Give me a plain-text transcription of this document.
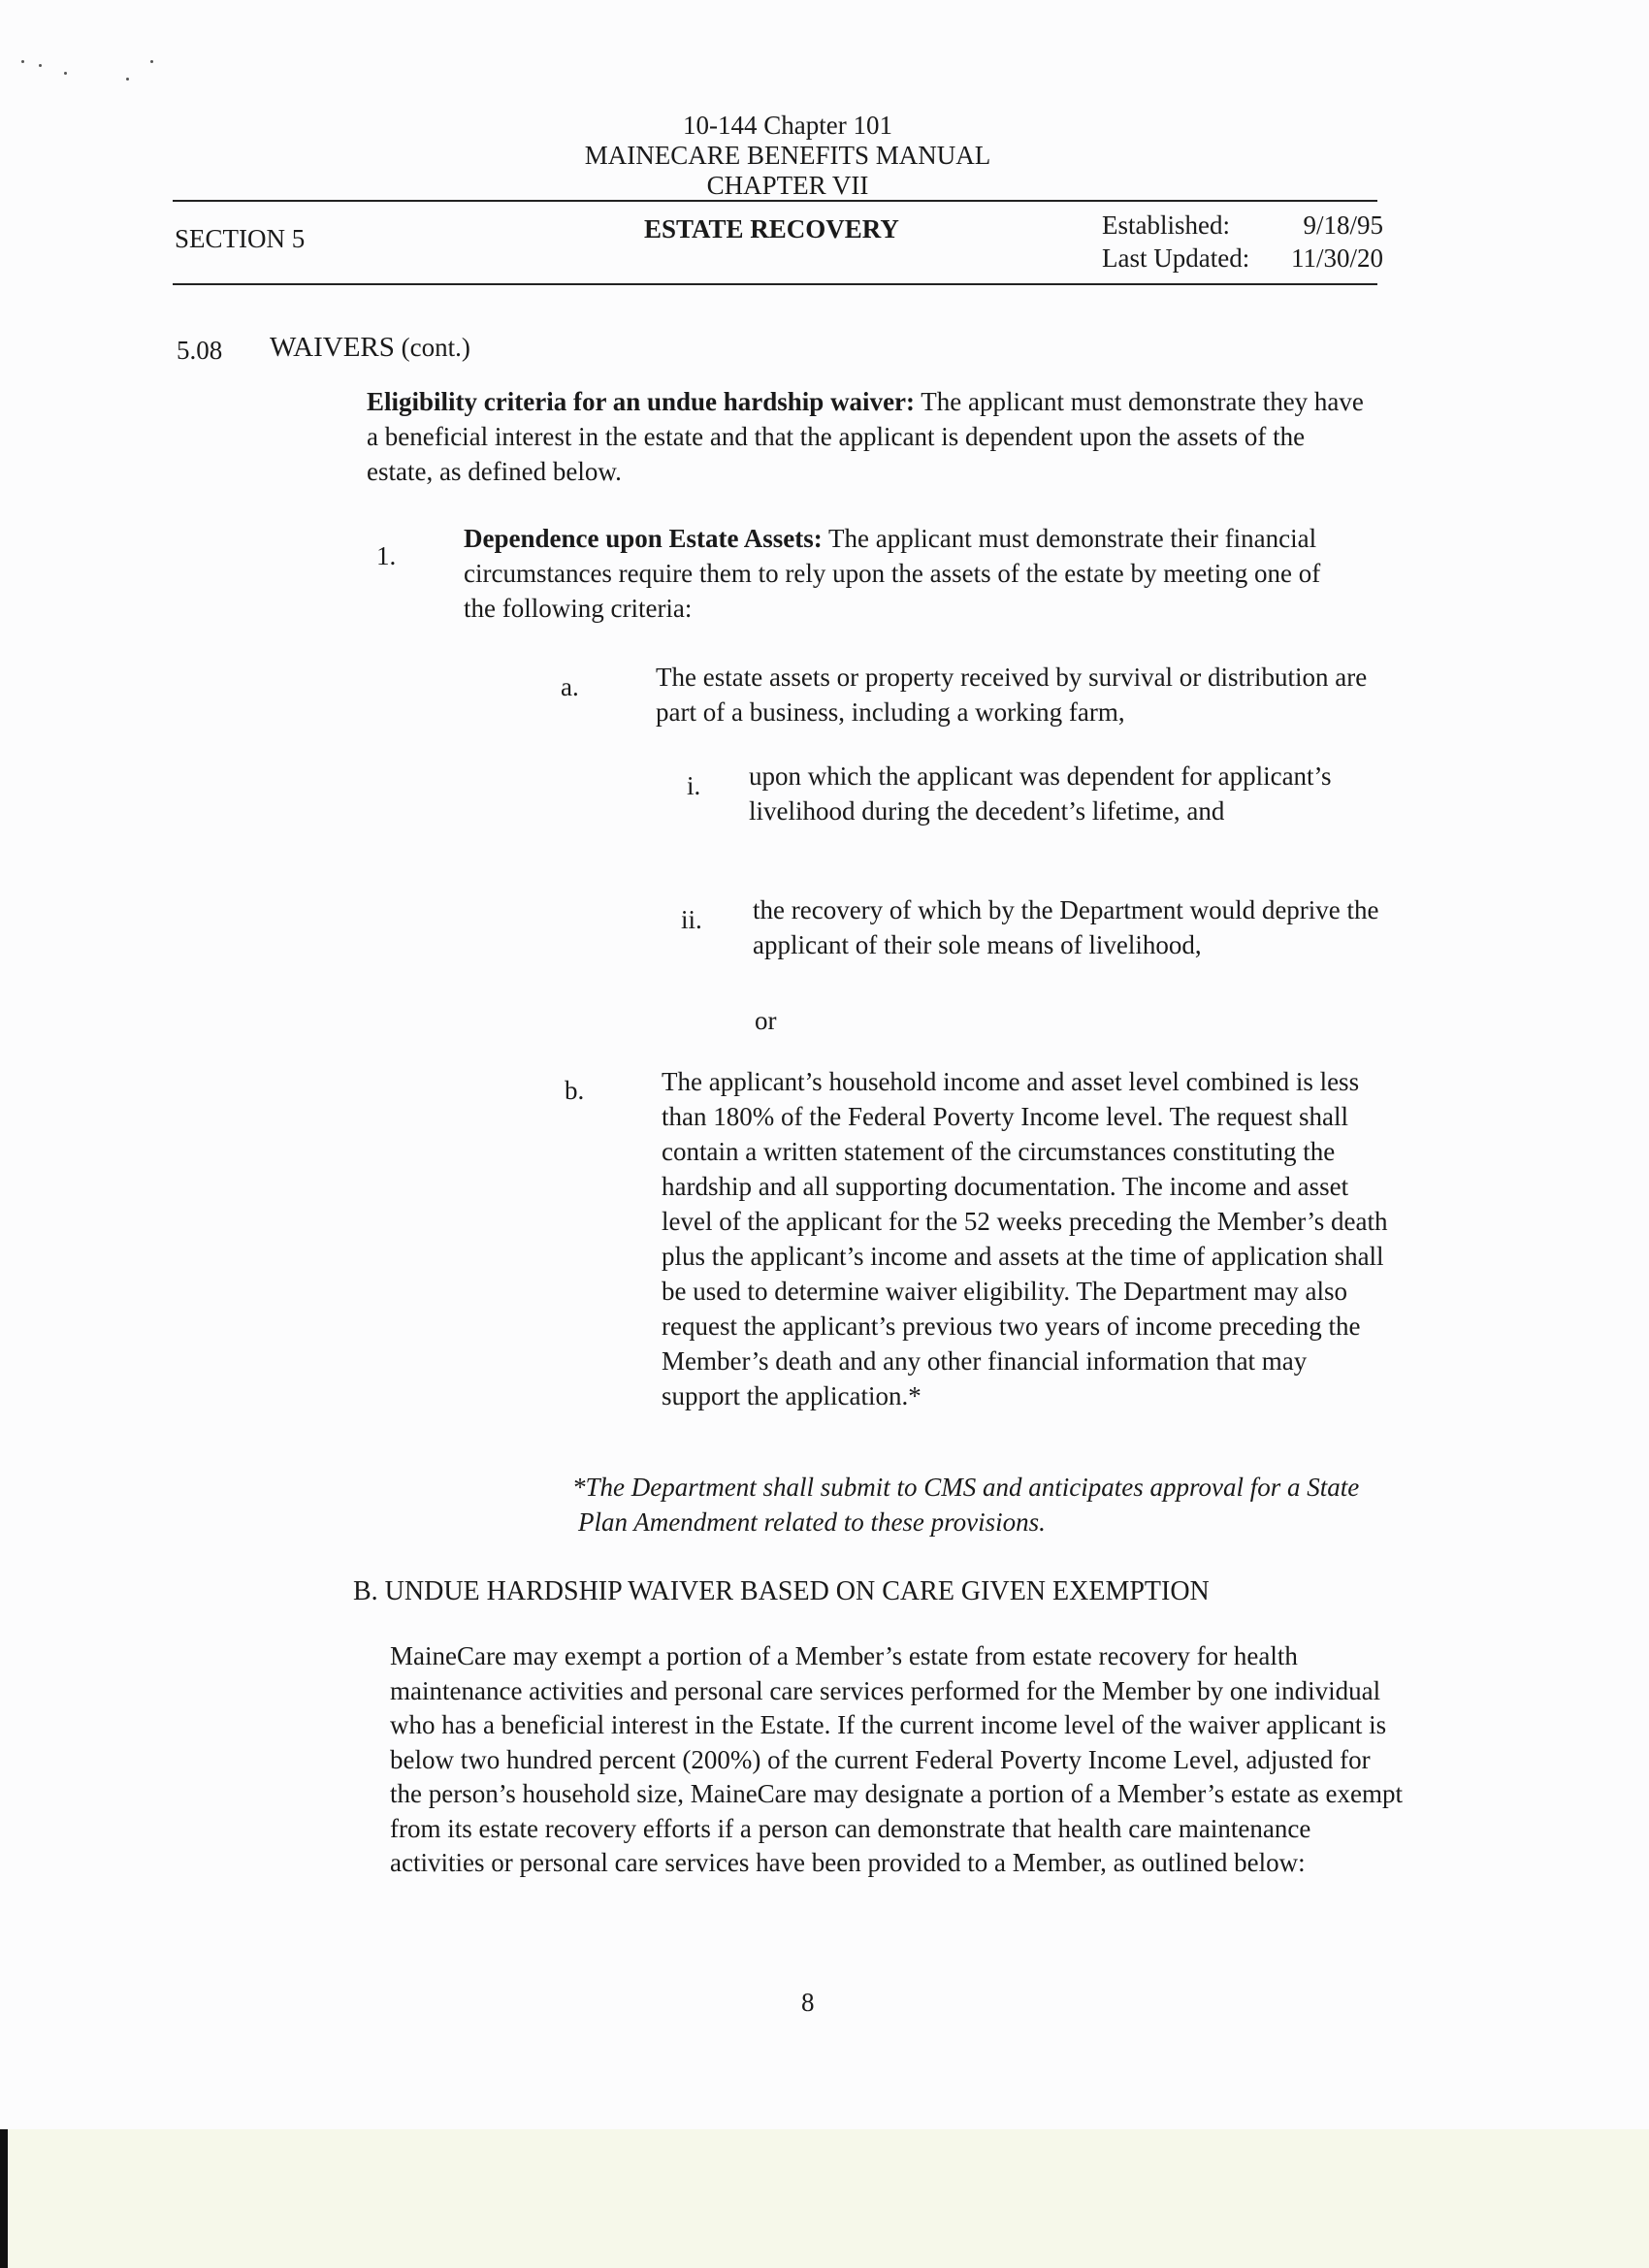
10-144 Chapter 101
MAINECARE BENEFITS MANUAL
CHAPTER VII
SECTION 5	ESTATE RECOVERY	Established:	9/18/95
Last Updated: 11/30/20
5.08 WAIVERS (cont.)

Eligibility criteria for an undue hardship waiver: The applicant must demonstrate they have a beneficial interest in the estate and that the applicant is dependent upon the assets of the estate, as defined below.

1.

Dependence upon Estate Assets: The applicant must demonstrate their financial circumstances require them to rely upon the assets of the estate by meeting one of the following criteria:

a.	The estate assets or property received by survival or distribution are part of a business, including a working farm,

i. upon which the applicant was dependent for applicant’s livelihood during the decedent’s lifetime, and

ii. the recovery of which by the Department would deprive the applicant of their sole means of livelihood,

or
b.	The applicant’s household income and asset level combined is less than 180% of the Federal Poverty Income level. The request shall contain a written statement of the circumstances constituting the hardship and all supporting documentation. The income and asset level of the applicant for the 52 weeks preceding the Member’s death plus the applicant’s income and assets at the time of application shall be used to determine waiver eligibility. The Department may also request the applicant’s previous two years of income preceding the Member’s death and any other financial information that may support the application.*

*The Department shall submit to CMS and anticipates approval for a State Plan Amendment related to these provisions.

B. UNDUE HARDSHIP WAIVER BASED ON CARE GIVEN EXEMPTION

MaineCare may exempt a portion of a Member’s estate from estate recovery for health maintenance activities and personal care services performed for the Member by one individual who has a beneficial interest in the Estate. If the current income level of the waiver applicant is below two hundred percent (200%) of the current Federal Poverty Income Level, adjusted for the person’s household size, MaineCare may designate a portion of a Member’s estate as exempt from its estate recovery efforts if a person can demonstrate that health care maintenance activities or personal care services have been provided to a Member, as outlined below:

8
